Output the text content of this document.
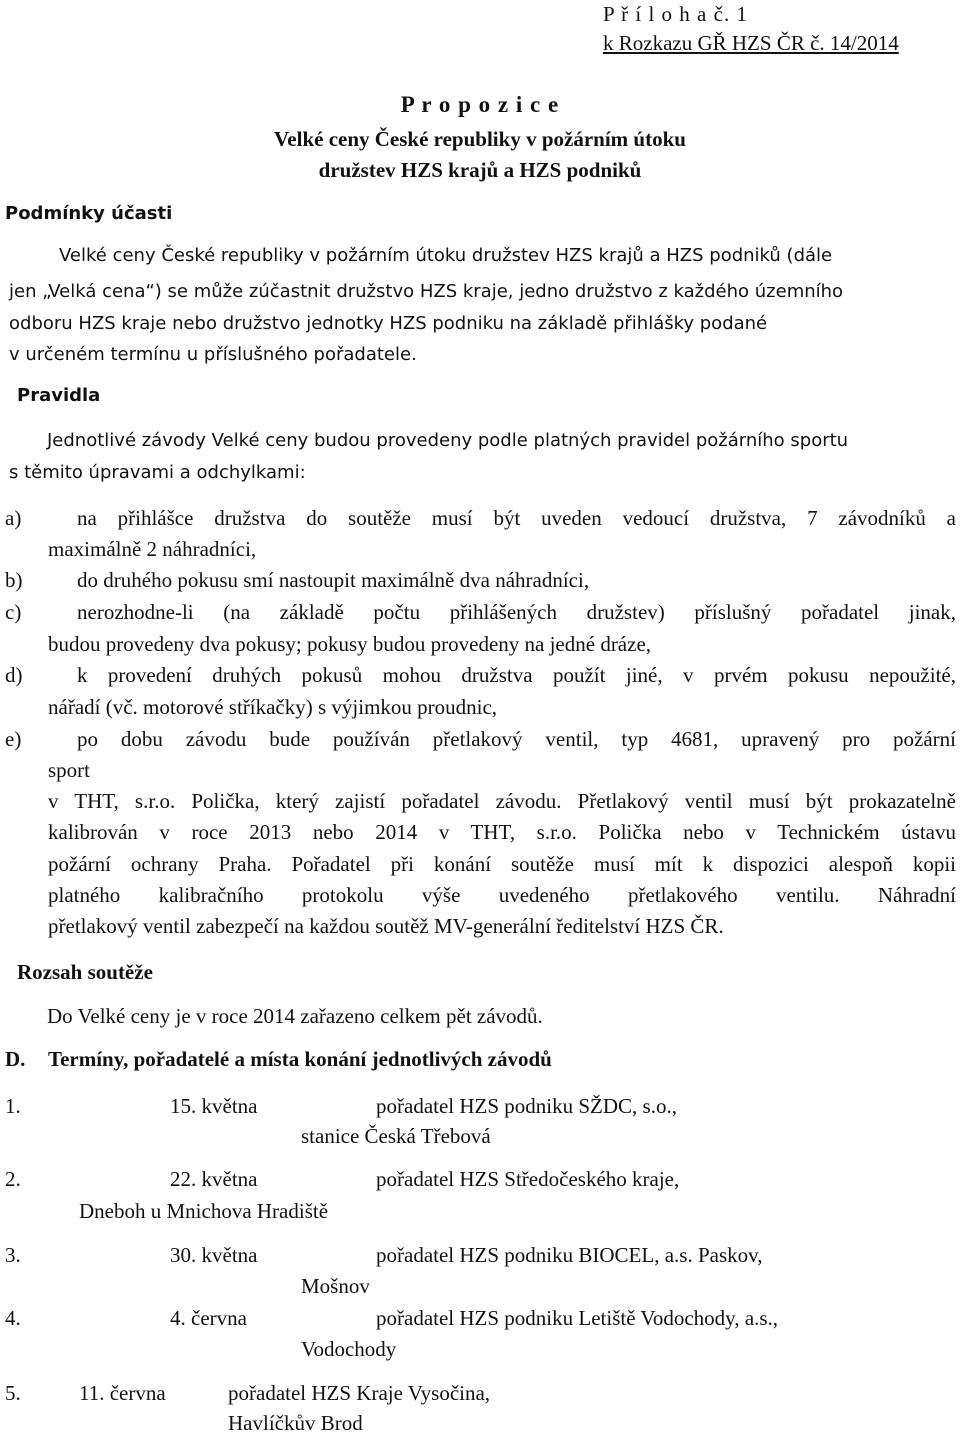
P ř í l o h a č. 1
k Rozkazu GŘ HZS ČR č. 14/2014
P r o p o z i c e
Velké ceny České republiky v požárním útoku
družstev HZS krajů a HZS podniků
Podmínky účasti
Velké ceny České republiky v požárním útoku družstev HZS krajů a HZS podniků (dále
jen „Velká cena“) se může zúčastnit družstvo HZS kraje, jedno družstvo z každého územního
odboru HZS kraje nebo družstvo jednotky HZS podniku na základě přihlášky podané
v určeném termínu u příslušného pořadatele.
Pravidla
Jednotlivé závody Velké ceny budou provedeny podle platných pravidel požárního sportu
s těmito úpravami a odchylkami:
a)	na přihlášce družstva do soutěže musí být uveden vedoucí družstva, 7 závodníků a
maximálně 2 náhradníci,
b)	do druhého pokusu smí nastoupit maximálně dva náhradníci,
c)	nerozhodne-li (na základě počtu přihlášených družstev) příslušný pořadatel jinak,
budou provedeny dva pokusy; pokusy budou provedeny na jedné dráze,
d)	k provedení druhých pokusů mohou družstva použít jiné, v prvém pokusu nepoužité,
nářadí (vč. motorové stříkačky) s výjimkou proudnic,
e)	po dobu závodu bude používán přetlakový ventil, typ 4681, upravený pro požární
sport
v THT, s.r.o. Polička, který zajistí pořadatel závodu. Přetlakový ventil musí být prokazatelně
kalibrován v roce 2013 nebo 2014 v THT, s.r.o. Polička nebo v Technickém ústavu
požární ochrany Praha. Pořadatel při konání soutěže musí mít k dispozici alespoň kopii
platného kalibračního protokolu výše uvedeného přetlakového ventilu. Náhradní
přetlakový ventil zabezpečí na každou soutěž MV-generální ředitelství HZS ČR.
Rozsah soutěže
Do Velké ceny je v roce 2014 zařazeno celkem pět závodů.
D. Termíny, pořadatelé a místa konání jednotlivých závodů
1.	15. května	pořadatel HZS podniku SŽDC, s.o.,
stanice Česká Třebová
2.	22. května	pořadatel HZS Středočeského kraje,
Dneboh u Mnichova Hradiště
3.	30. května	pořadatel HZS podniku BIOCEL, a.s. Paskov,
Mošnov
4.	4. června	pořadatel HZS podniku Letiště Vodochody, a.s.,
Vodochody
5.	11. června	pořadatel HZS Kraje Vysočina,
Havlíčkův Brod
